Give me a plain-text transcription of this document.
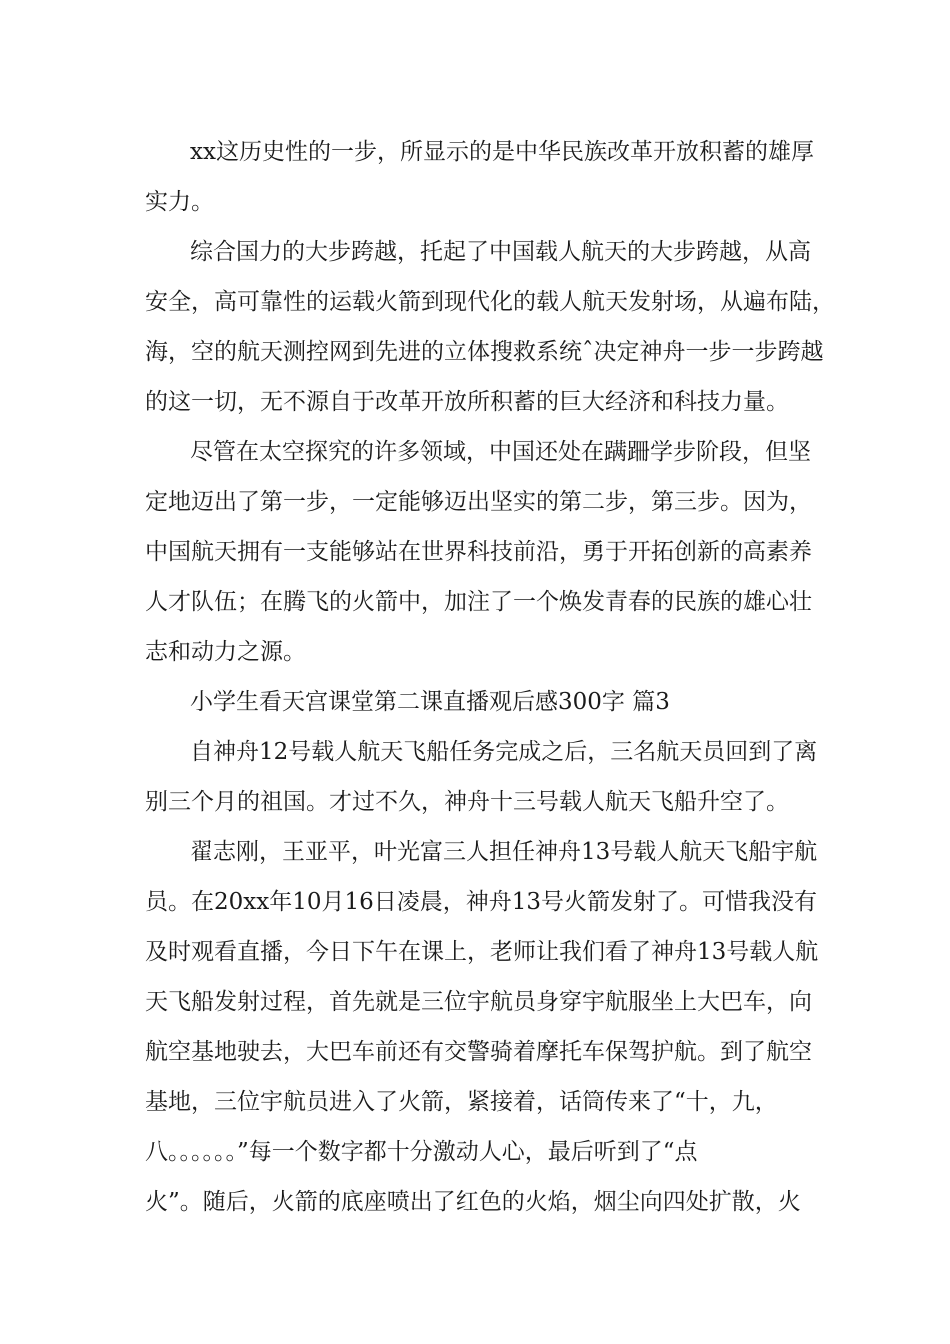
xx这历史性的一步，所显示的是中华民族改革开放积蓄的雄厚
实力。
综合国力的大步跨越，托起了中国载人航天的大步跨越，从高
安全，高可靠性的运载火箭到现代化的载人航天发射场，从遍布陆，
海，空的航天测控网到先进的立体搜救系统ˆ决定神舟一步一步跨越
的这一切，无不源自于改革开放所积蓄的巨大经济和科技力量。
尽管在太空探究的许多领域，中国还处在蹒跚学步阶段，但坚
定地迈出了第一步，一定能够迈出坚实的第二步，第三步。因为，
中国航天拥有一支能够站在世界科技前沿，勇于开拓创新的高素养
人才队伍；在腾飞的火箭中，加注了一个焕发青春的民族的雄心壮
志和动力之源。
小学生看天宫课堂第二课直播观后感300字 篇3
自神舟12号载人航天飞船任务完成之后，三名航天员回到了离
别三个月的祖国。才过不久，神舟十三号载人航天飞船升空了。
翟志刚，王亚平，叶光富三人担任神舟13号载人航天飞船宇航
员。在20xx年10月16日凌晨，神舟13号火箭发射了。可惜我没有
及时观看直播，今日下午在课上，老师让我们看了神舟13号载人航
天飞船发射过程，首先就是三位宇航员身穿宇航服坐上大巴车，向
航空基地驶去，大巴车前还有交警骑着摩托车保驾护航。到了航空
基地，三位宇航员进入了火箭，紧接着，话筒传来了“十，九，
八。。。。。。”每一个数字都十分激动人心，最后听到了“点
火”。随后，火箭的底座喷出了红色的火焰，烟尘向四处扩散，火
